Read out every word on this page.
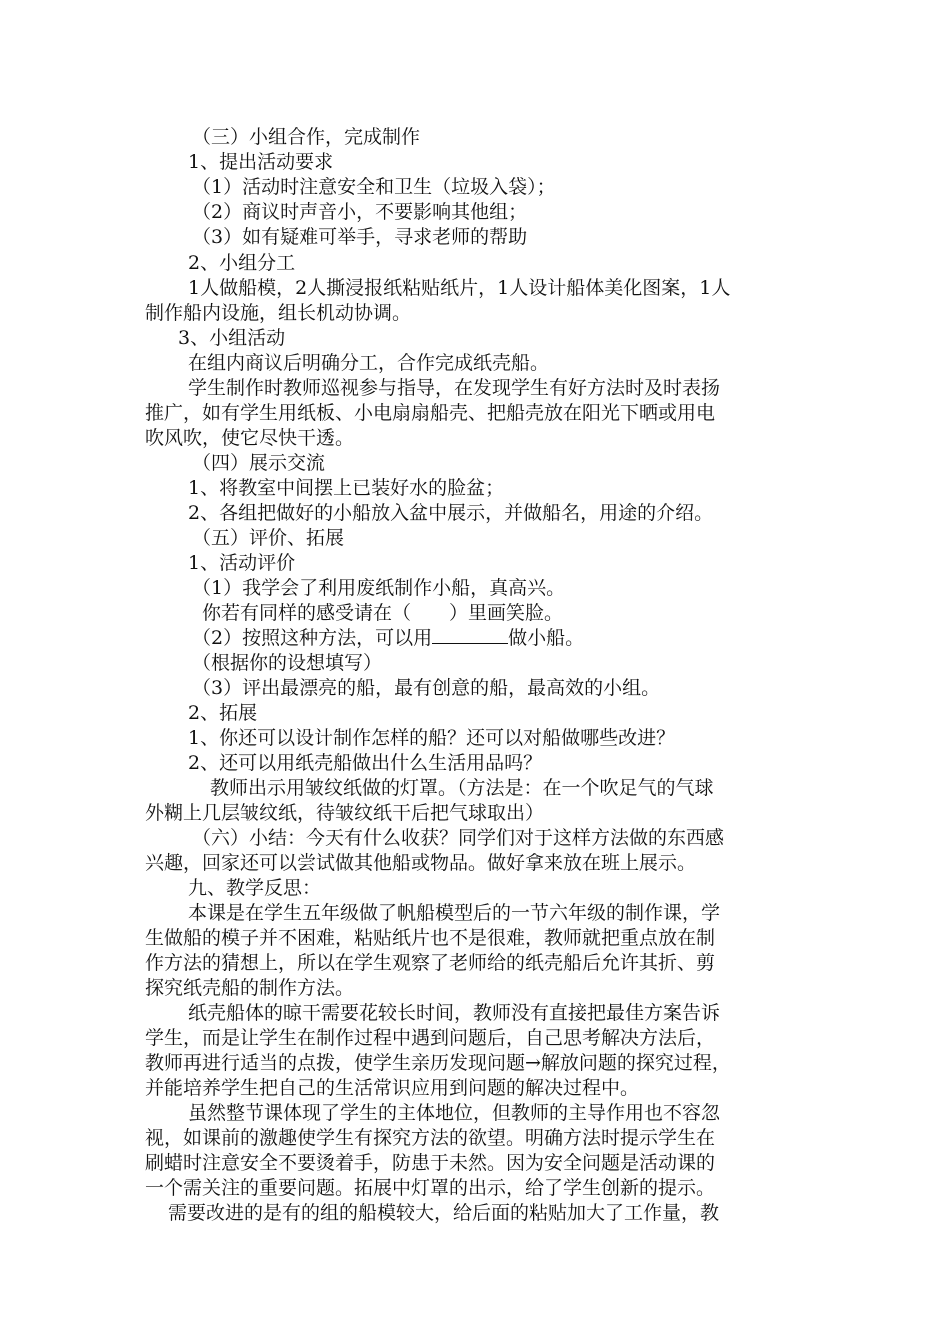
（三）小组合作，完成制作

1、提出活动要求

（1）活动时注意安全和卫生（垃圾入袋）；

（2）商议时声音小，不要影响其他组；

（3）如有疑难可举手，寻求老师的帮助

2、小组分工

1人做船模，2人撕浸报纸粘贴纸片，1人设计船体美化图案，1人

制作船内设施，组长机动协调。

3、小组活动

在组内商议后明确分工，合作完成纸壳船。

学生制作时教师巡视参与指导，在发现学生有好方法时及时表扬

推广，如有学生用纸板、小电扇扇船壳、把船壳放在阳光下晒或用电

吹风吹，使它尽快干透。

（四）展示交流

1、将教室中间摆上已装好水的脸盆；

2、各组把做好的小船放入盆中展示，并做船名，用途的介绍。

（五）评价、拓展

1、活动评价

（1）我学会了利用废纸制作小船，真高兴。

你若有同样的感受请在（　　）里画笑脸。

（2）按照这种方法，可以用	做小船。

（根据你的设想填写）

（3）评出最漂亮的船，最有创意的船，最高效的小组。

2、拓展

1、你还可以设计制作怎样的船？还可以对船做哪些改进？

2、还可以用纸壳船做出什么生活用品吗？

教师出示用皱纹纸做的灯罩。（方法是：在一个吹足气的气球

外糊上几层皱纹纸，待皱纹纸干后把气球取出）

（六）小结：今天有什么收获？同学们对于这样方法做的东西感

兴趣，回家还可以尝试做其他船或物品。做好拿来放在班上展示。

九、教学反思：

本课是在学生五年级做了帆船模型后的一节六年级的制作课，学

生做船的模子并不困难，粘贴纸片也不是很难，教师就把重点放在制

作方法的猜想上，所以在学生观察了老师给的纸壳船后允许其折、剪

探究纸壳船的制作方法。

纸壳船体的晾干需要花较长时间，教师没有直接把最佳方案告诉

学生，而是让学生在制作过程中遇到问题后，自己思考解决方法后，

教师再进行适当的点拨，使学生亲历发现问题→解放问题的探究过程，

并能培养学生把自己的生活常识应用到问题的解决过程中。

虽然整节课体现了学生的主体地位，但教师的主导作用也不容忽

视，如课前的激趣使学生有探究方法的欲望。明确方法时提示学生在

刷蜡时注意安全不要烫着手，防患于未然。因为安全问题是活动课的

一个需关注的重要问题。拓展中灯罩的出示，给了学生创新的提示。

需要改进的是有的组的船模较大，给后面的粘贴加大了工作量，教
